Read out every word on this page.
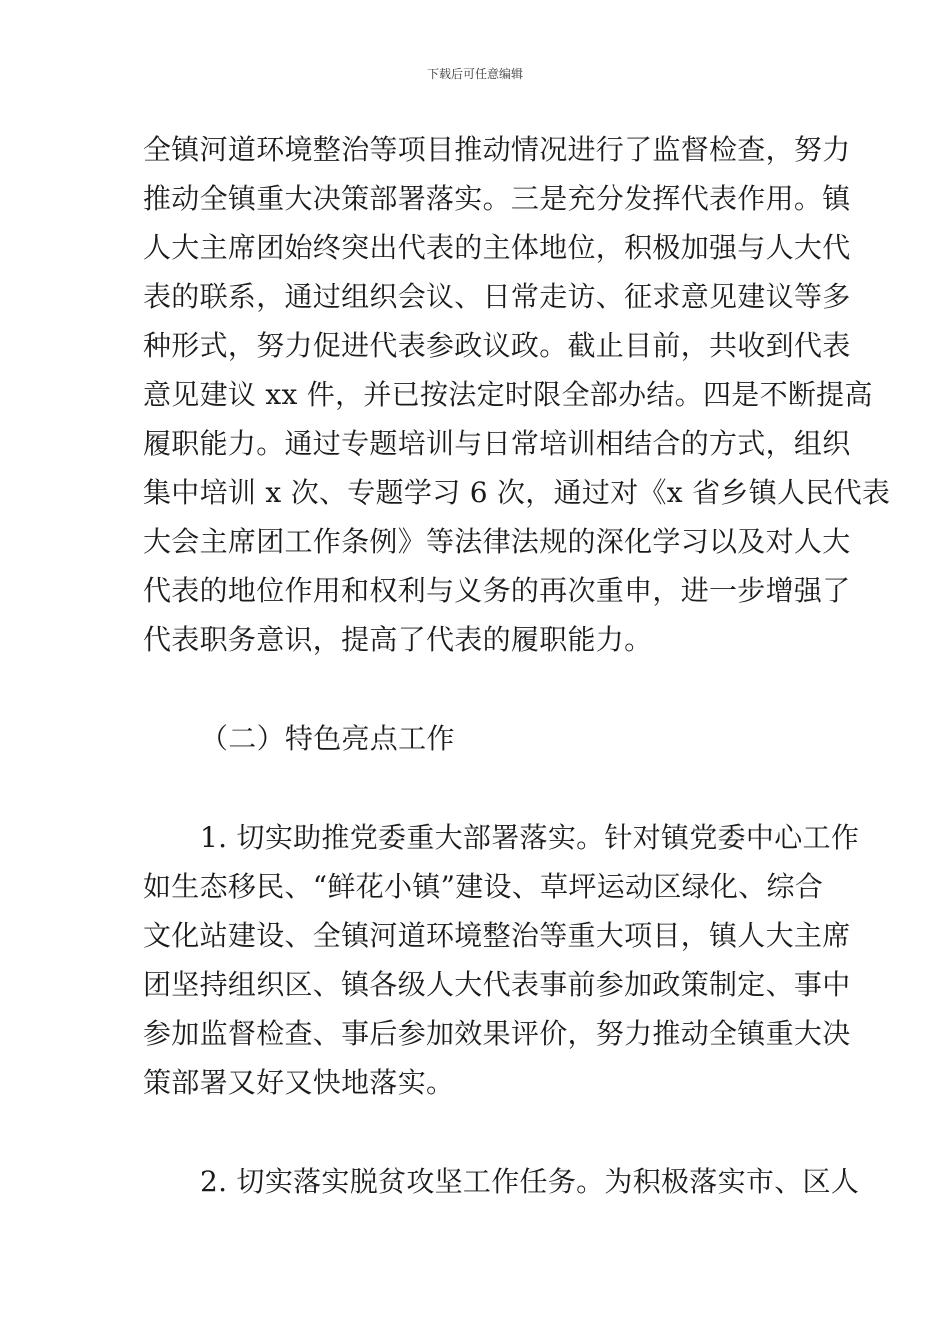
下载后可任意编辑
全镇河道环境整治等项目推动情况进行了监督检查，努力
推动全镇重大决策部署落实。三是充分发挥代表作用。镇
人大主席团始终突出代表的主体地位，积极加强与人大代
表的联系，通过组织会议、日常走访、征求意见建议等多
种形式，努力促进代表参政议政。截止目前，共收到代表
意见建议 xx 件，并已按法定时限全部办结。四是不断提高
履职能力。通过专题培训与日常培训相结合的方式，组织
集中培训 x 次、专题学习 6 次，通过对《x 省乡镇人民代表
大会主席团工作条例》等法律法规的深化学习以及对人大
代表的地位作用和权利与义务的再次重申，进一步增强了
代表职务意识，提高了代表的履职能力。
（二）特色亮点工作
1. 切实助推党委重大部署落实。针对镇党委中心工作
如生态移民、“鲜花小镇”建设、草坪运动区绿化、综合
文化站建设、全镇河道环境整治等重大项目，镇人大主席
团坚持组织区、镇各级人大代表事前参加政策制定、事中
参加监督检查、事后参加效果评价，努力推动全镇重大决
策部署又好又快地落实。
2. 切实落实脱贫攻坚工作任务。为积极落实市、区人
